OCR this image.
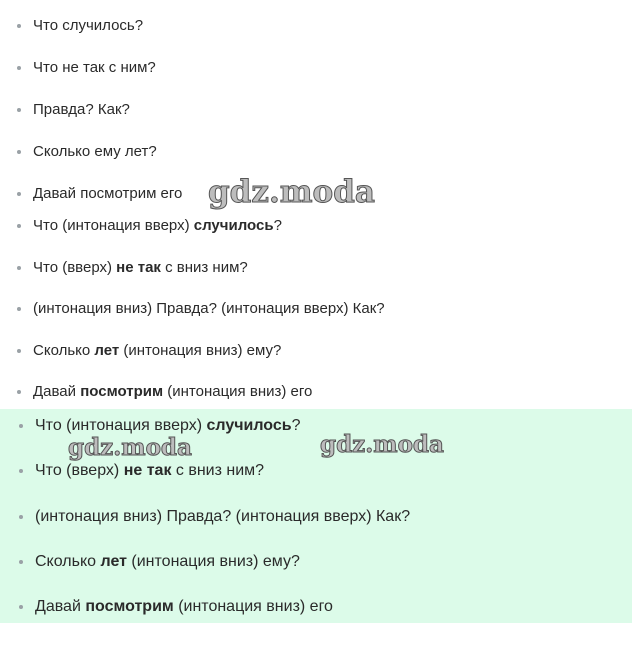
Что случилось?
Что не так с ним?
Правда? Как?
Сколько ему лет?
Давай посмотрим его
Что (интонация вверх) случилось?
Что (вверх) не так с вниз ним?
(интонация вниз) Правда? (интонация вверх) Как?
Сколько лет (интонация вниз) ему?
Давай посмотрим (интонация вниз) его
Что (интонация вверх) случилось?
Что (вверх) не так с вниз ним?
(интонация вниз) Правда? (интонация вверх) Как?
Сколько лет (интонация вниз) ему?
Давай посмотрим (интонация вниз) его
gdz.moda
gdz.moda	gdz.moda
